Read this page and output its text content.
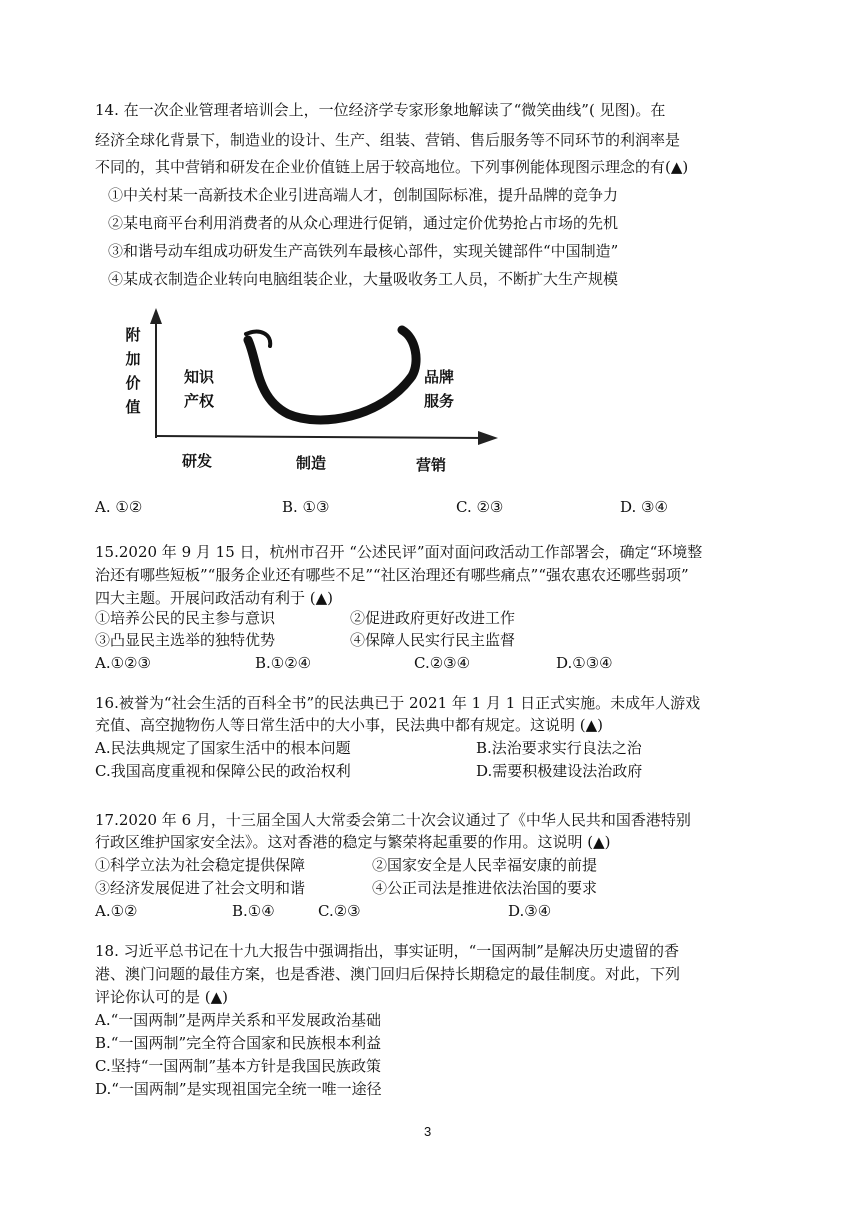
14. 在一次企业管理者培训会上，一位经济学专家形象地解读了“微笑曲线”( 见图)。在
经济全球化背景下，制造业的设计、生产、组装、营销、售后服务等不同环节的利润率是
不同的，其中营销和研发在企业价值链上居于较高地位。下列事例能体现图示理念的有(▲)
①中关村某一高新技术企业引进高端人才，创制国际标准，提升品牌的竞争力
②某电商平台利用消费者的从众心理进行促销，通过定价优势抢占市场的先机
③和谐号动车组成功研发生产高铁列车最核心部件，实现关键部件“中国制造”
④某成衣制造企业转向电脑组装企业，大量吸收务工人员，不断扩大生产规模
附
加
价
值
知识
产权
品牌
服务
研发	制造	营销
A. ①②	B. ①③	C. ②③	D. ③④
15.2020 年 9 月 15 日，杭州市召开 “公述民评”面对面问政活动工作部署会，确定“环境整
治还有哪些短板”“服务企业还有哪些不足”“社区治理还有哪些痛点”“强农惠农还哪些弱项”
四大主题。开展问政活动有利于 (▲)
①培养公民的民主参与意识	②促进政府更好改进工作
③凸显民主选举的独特优势	④保障人民实行民主监督
A.①②③	B.①②④	C.②③④	D.①③④
16.被誉为“社会生活的百科全书”的民法典已于 2021 年 1 月 1 日正式实施。未成年人游戏
充值、高空抛物伤人等日常生活中的大小事，民法典中都有规定。这说明 (▲)
A.民法典规定了国家生活中的根本问题	B.法治要求实行良法之治
C.我国高度重视和保障公民的政治权利	D.需要积极建设法治政府
17.2020 年 6 月，十三届全国人大常委会第二十次会议通过了《中华人民共和国香港特别
行政区维护国家安全法》。这对香港的稳定与繁荣将起重要的作用。这说明 (▲)
①科学立法为社会稳定提供保障	②国家安全是人民幸福安康的前提
③经济发展促进了社会文明和谐	④公正司法是推进依法治国的要求
A.①②	B.①④	C.②③	D.③④
18. 习近平总书记在十九大报告中强调指出，事实证明，“一国两制”是解决历史遗留的香
港、澳门问题的最佳方案，也是香港、澳门回归后保持长期稳定的最佳制度。对此，下列
评论你认可的是 (▲)
A.“一国两制”是两岸关系和平发展政治基础
B.“一国两制”完全符合国家和民族根本利益
C.坚持“一国两制”基本方针是我国民族政策
D.“一国两制”是实现祖国完全统一唯一途径
3
